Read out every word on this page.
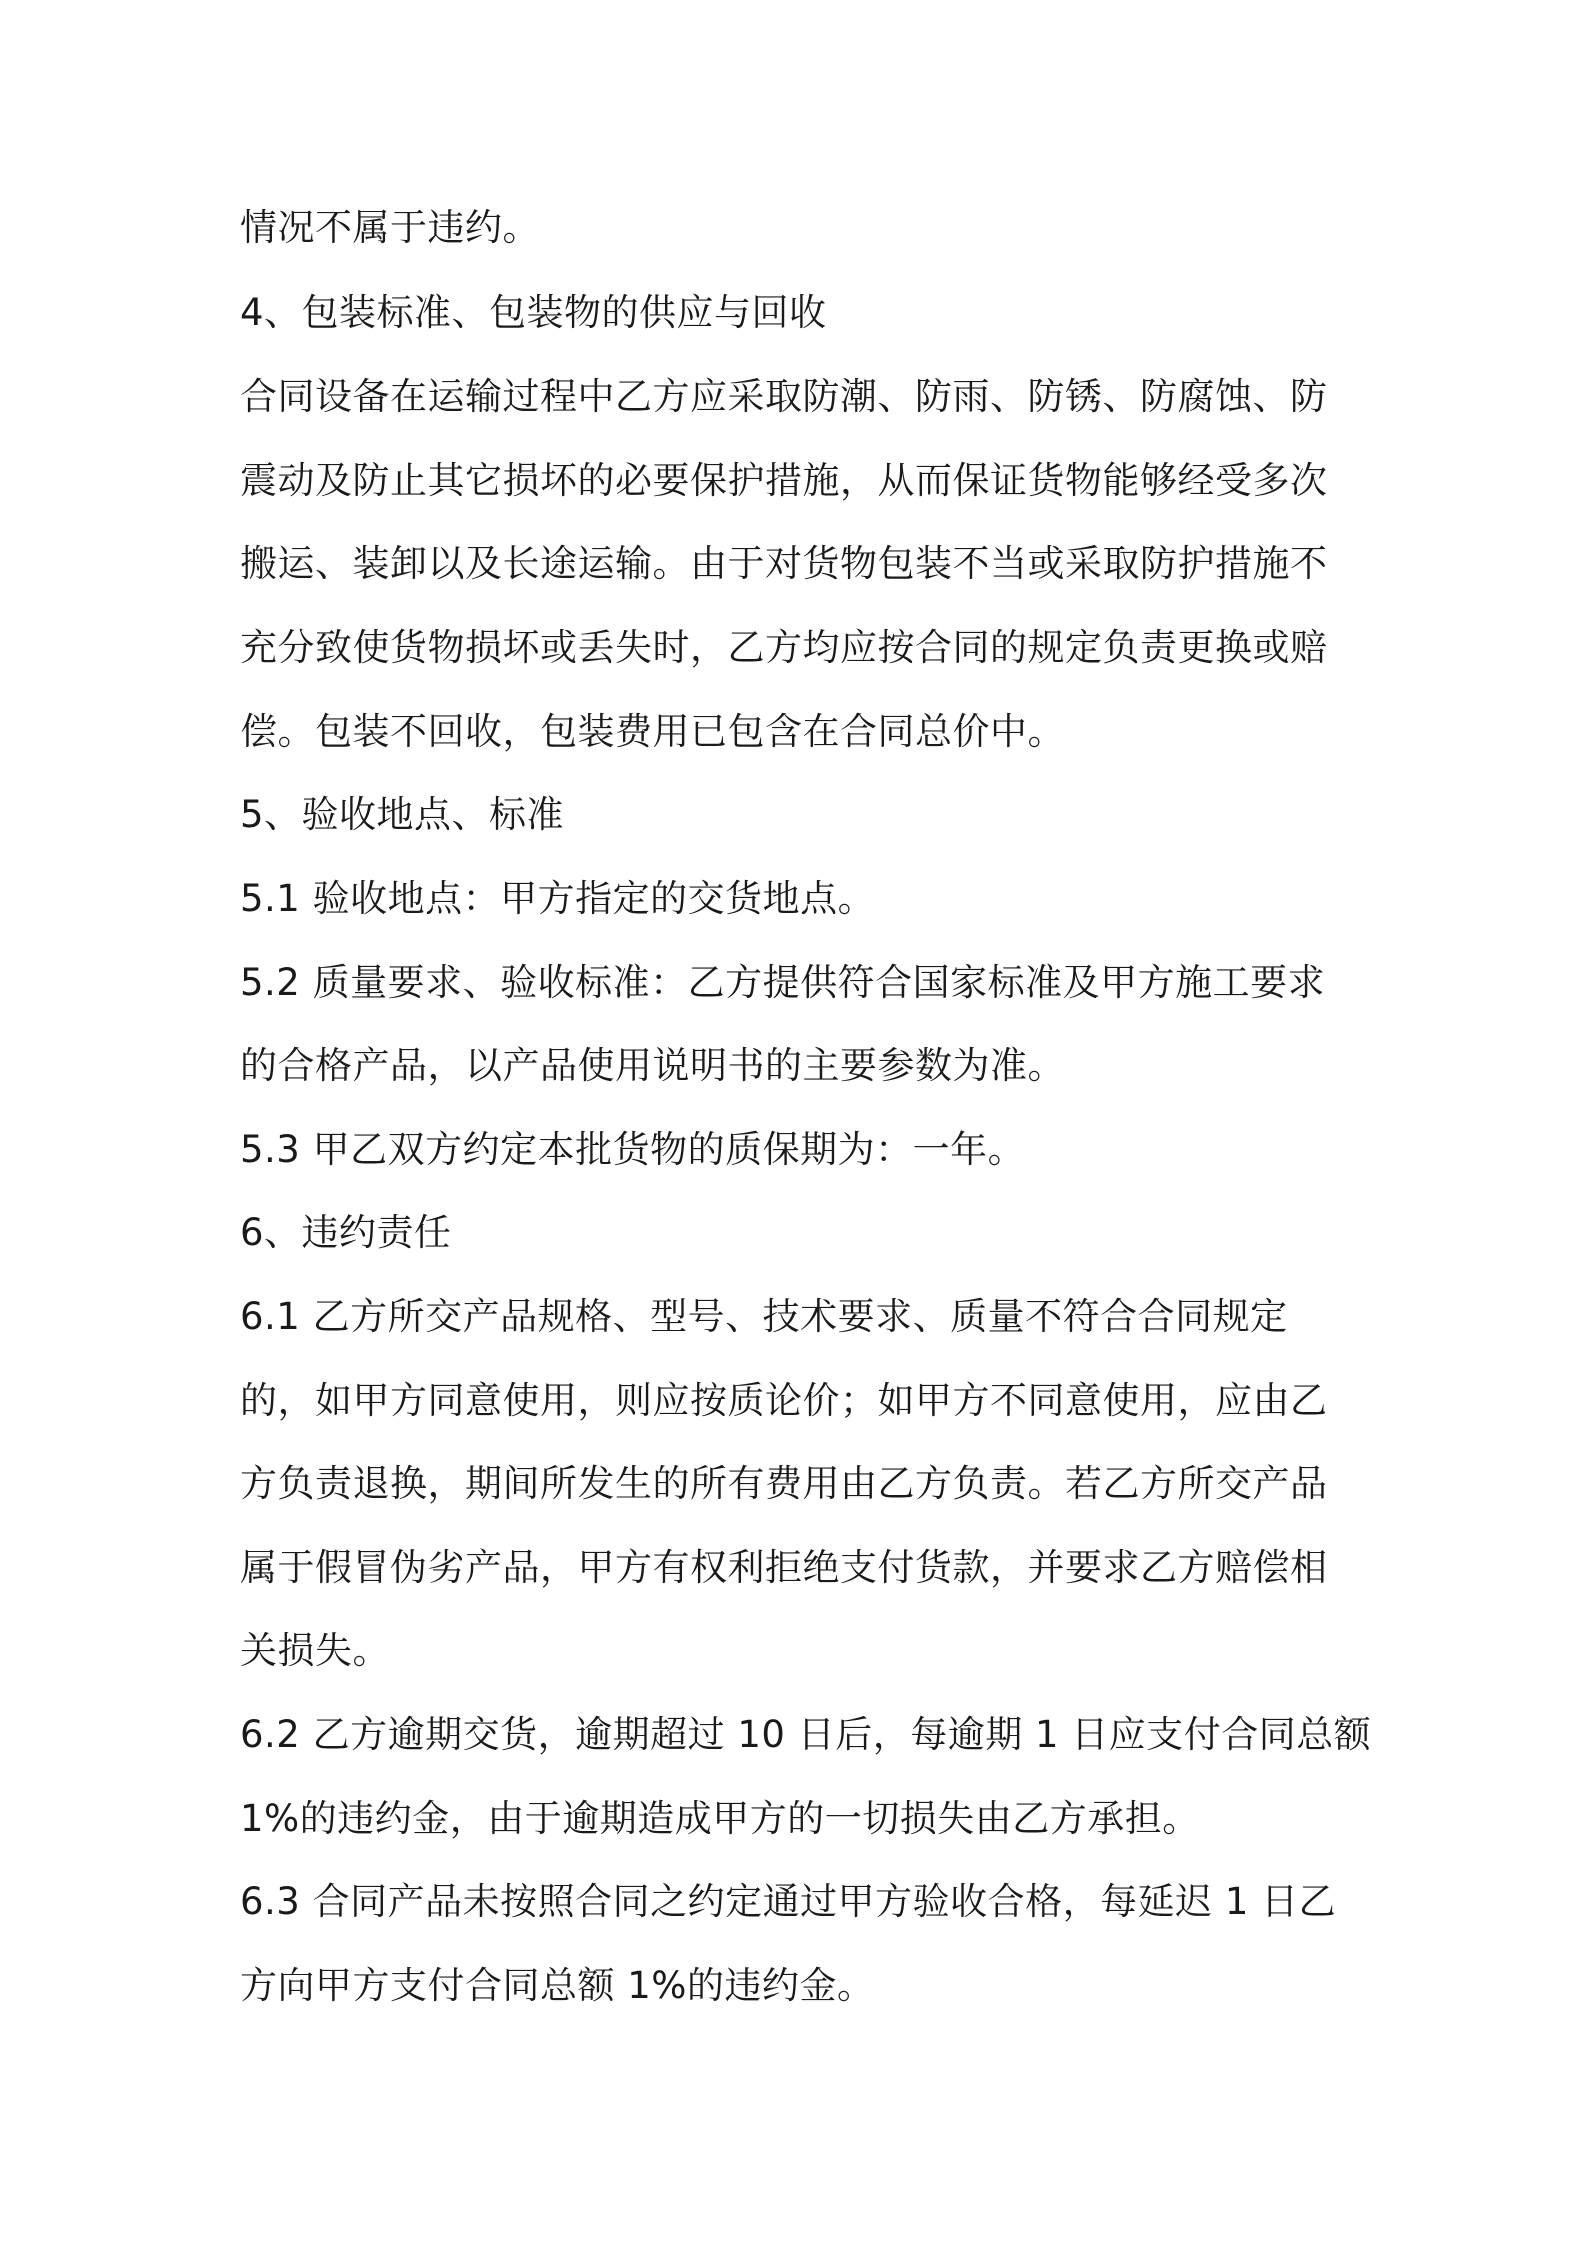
情况不属于违约。
4、包装标准、包装物的供应与回收
合同设备在运输过程中乙方应采取防潮、防雨、防锈、防腐蚀、防
震动及防止其它损坏的必要保护措施，从而保证货物能够经受多次
搬运、装卸以及长途运输。由于对货物包装不当或采取防护措施不
充分致使货物损坏或丢失时，乙方均应按合同的规定负责更换或赔
偿。包装不回收，包装费用已包含在合同总价中。
5、验收地点、标准
5.1 验收地点：甲方指定的交货地点。
5.2 质量要求、验收标准：乙方提供符合国家标准及甲方施工要求
的合格产品，以产品使用说明书的主要参数为准。
5.3 甲乙双方约定本批货物的质保期为：一年。
6、违约责任
6.1 乙方所交产品规格、型号、技术要求、质量不符合合同规定
的，如甲方同意使用，则应按质论价；如甲方不同意使用，应由乙
方负责退换，期间所发生的所有费用由乙方负责。若乙方所交产品
属于假冒伪劣产品，甲方有权利拒绝支付货款，并要求乙方赔偿相
关损失。
6.2 乙方逾期交货，逾期超过 10 日后，每逾期 1 日应支付合同总额
1%的违约金，由于逾期造成甲方的一切损失由乙方承担。
6.3 合同产品未按照合同之约定通过甲方验收合格，每延迟 1 日乙
方向甲方支付合同总额 1%的违约金。
